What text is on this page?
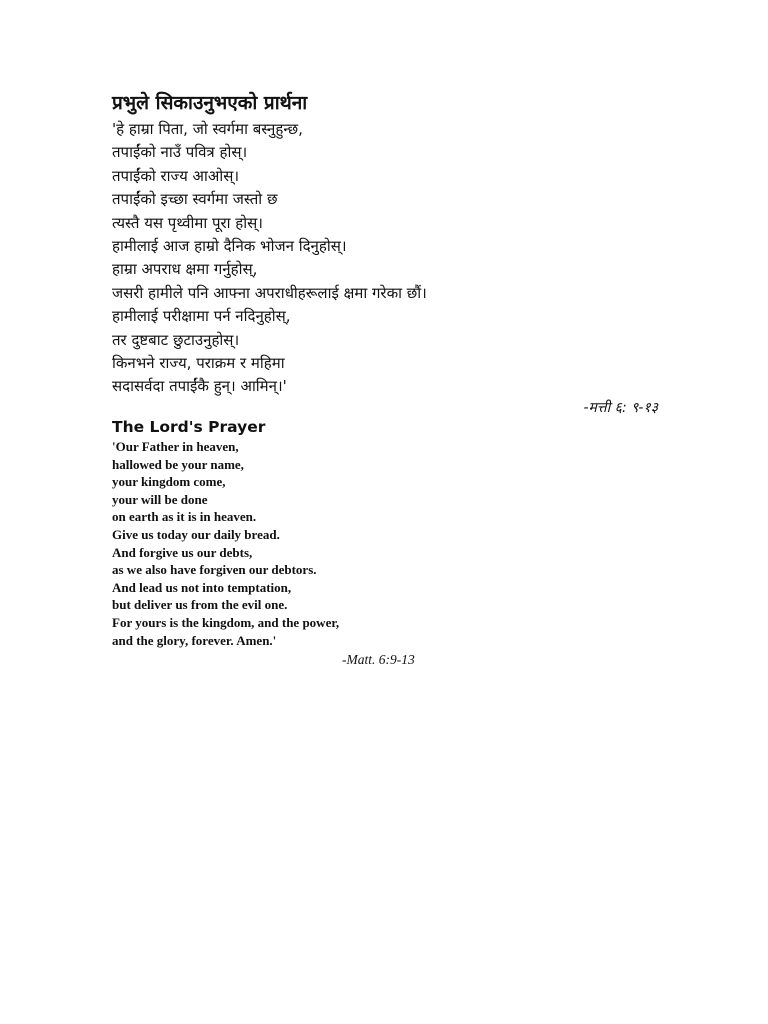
प्रभुले सिकाउनुभएको प्रार्थना
'हे हाम्रा पिता, जो स्वर्गमा बस्नुहुन्छ,
तपाईंको नाउँ पवित्र होस्।
तपाईंको राज्य आओस्।
तपाईंको इच्छा स्वर्गमा जस्तो छ
त्यस्तै यस पृथ्वीमा पूरा होस्।
हामीलाई आज हाम्रो दैनिक भोजन दिनुहोस्।
हाम्रा अपराध क्षमा गर्नुहोस्,
जसरी हामीले पनि आफ्ना अपराधीहरूलाई क्षमा गरेका छौं।
हामीलाई परीक्षामा पर्न नदिनुहोस्,
तर दुष्टबाट छुटाउनुहोस्।
किनभने राज्य, पराक्रम र महिमा
सदासर्वदा तपाईंकै हुन्। आमिन्।'
-मत्ती ६: ९-१३
The Lord's Prayer
'Our Father in heaven,
hallowed be your name,
your kingdom come,
your will be done
on earth as it is in heaven.
Give us today our daily bread.
And forgive us our debts,
as we also have forgiven our debtors.
And lead us not into temptation,
but deliver us from the evil one.
For yours is the kingdom, and the power,
and the glory, forever. Amen.'
-Matt. 6:9-13
